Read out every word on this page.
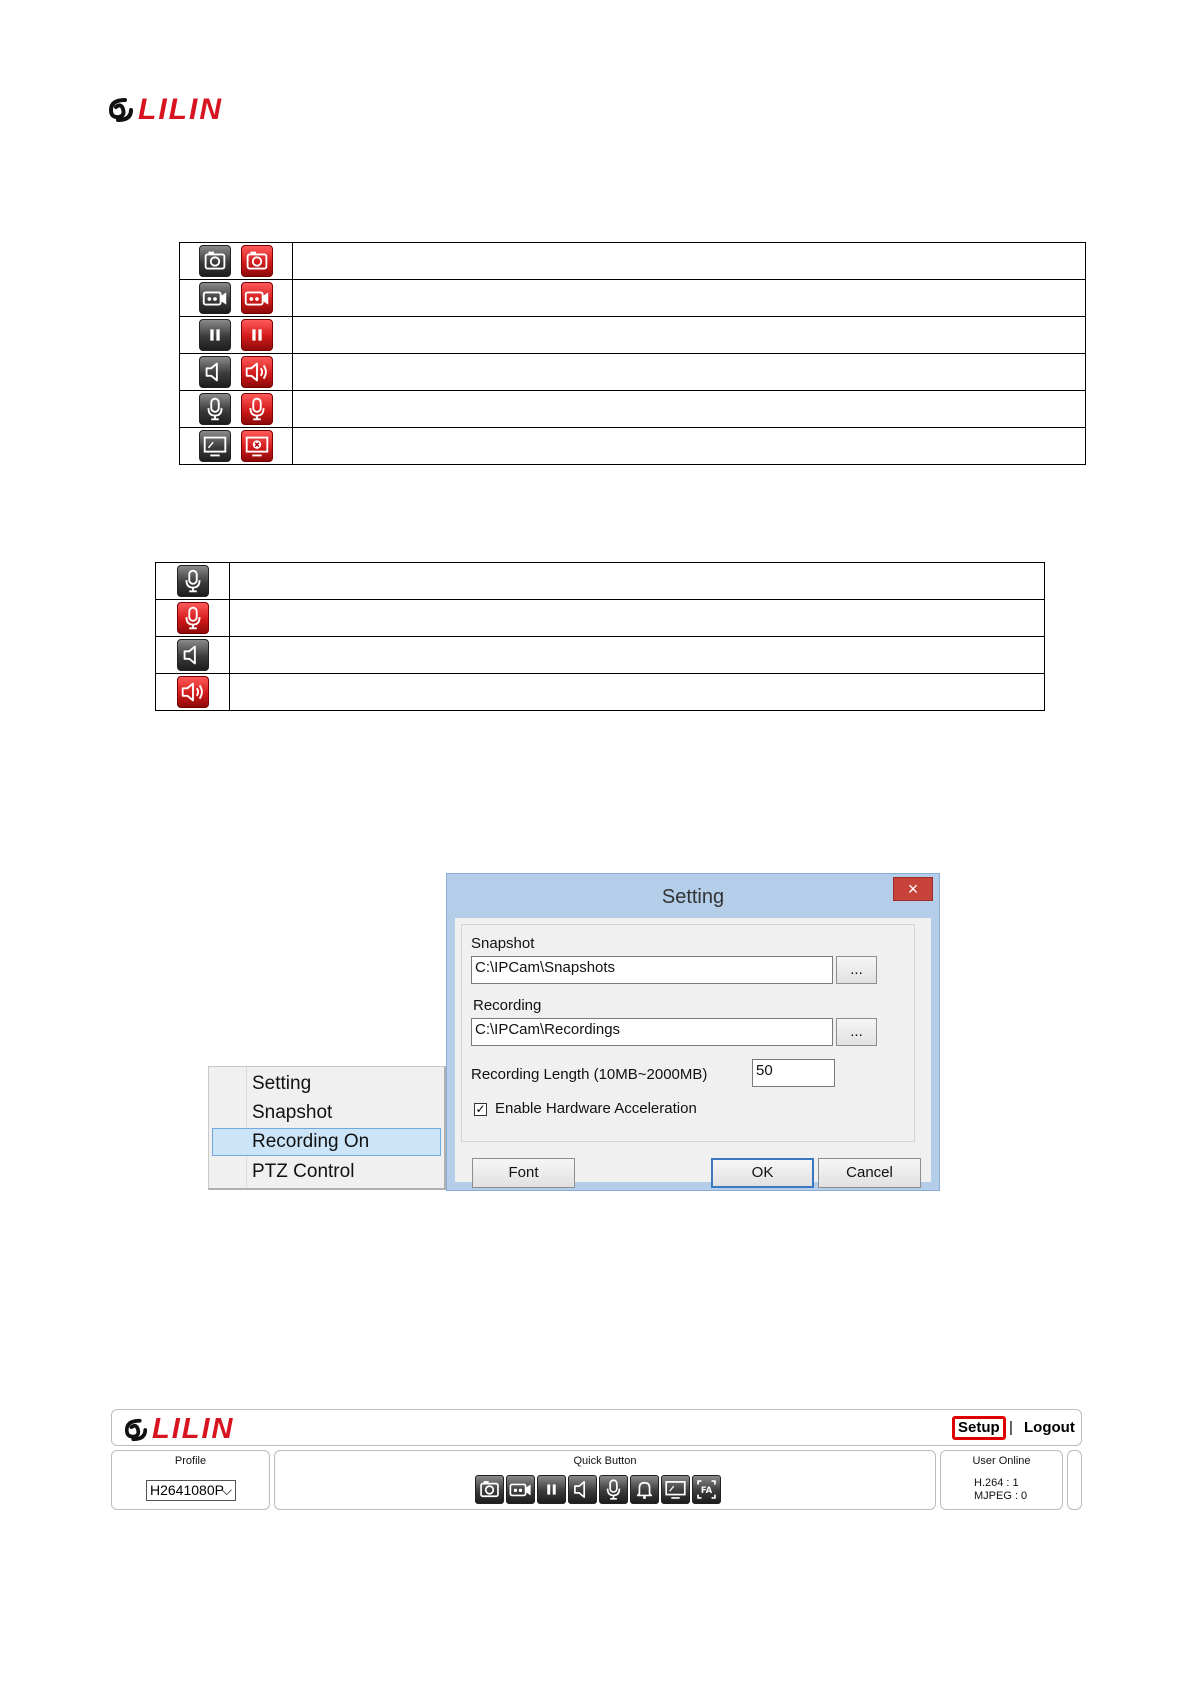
LILIN

Setting
Snapshot
Recording On
PTZ Control
Setting	×
Snapshot
C:\IPCam\Snapshots	...
Recording
C:\IPCam\Recordings	...
Recording Length (10MB~2000MB)	50
✓ Enable Hardware Acceleration
Font	OK	Cancel
LILIN	Setup | Logout
Profile
H2641080P
⌵
Quick Button	User Online
H.264 : 1
MJPEG : 0
